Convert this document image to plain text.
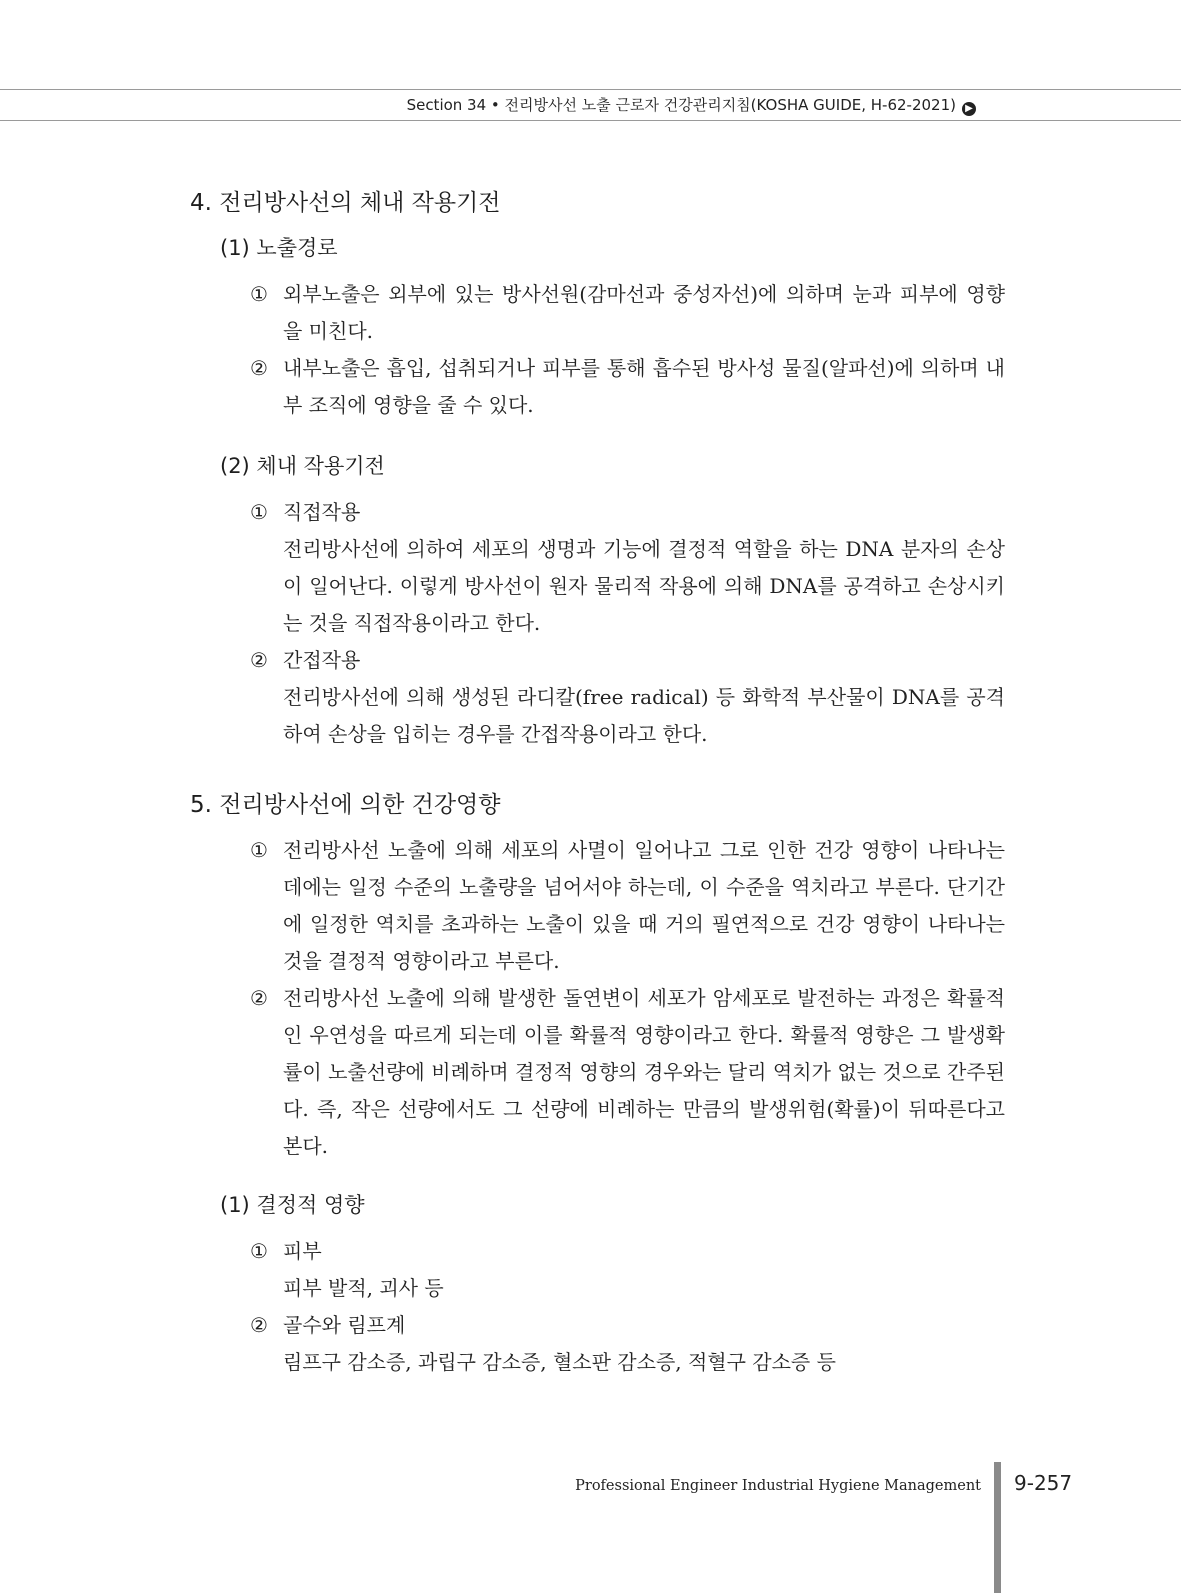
Section 34 • 전리방사선 노출 근로자 건강관리지침(KOSHA GUIDE, H-62-2021) ▶
4. 전리방사선의 체내 작용기전
(1) 노출경로
① 외부노출은 외부에 있는 방사선원(감마선과 중성자선)에 의하며 눈과 피부에 영향을 미친다.
② 내부노출은 흡입, 섭취되거나 피부를 통해 흡수된 방사성 물질(알파선)에 의하며 내부 조직에 영향을 줄 수 있다.
(2) 체내 작용기전
① 직접작용
전리방사선에 의하여 세포의 생명과 기능에 결정적 역할을 하는 DNA 분자의 손상이 일어난다. 이렇게 방사선이 원자 물리적 작용에 의해 DNA를 공격하고 손상시키는 것을 직접작용이라고 한다.
② 간접작용
전리방사선에 의해 생성된 라디칼(free radical) 등 화학적 부산물이 DNA를 공격하여 손상을 입히는 경우를 간접작용이라고 한다.
5. 전리방사선에 의한 건강영향
① 전리방사선 노출에 의해 세포의 사멸이 일어나고 그로 인한 건강 영향이 나타나는 데에는 일정 수준의 노출량을 넘어서야 하는데, 이 수준을 역치라고 부른다. 단기간에 일정한 역치를 초과하는 노출이 있을 때 거의 필연적으로 건강 영향이 나타나는 것을 결정적 영향이라고 부른다.
② 전리방사선 노출에 의해 발생한 돌연변이 세포가 암세포로 발전하는 과정은 확률적인 우연성을 따르게 되는데 이를 확률적 영향이라고 한다. 확률적 영향은 그 발생확률이 노출선량에 비례하며 결정적 영향의 경우와는 달리 역치가 없는 것으로 간주된다. 즉, 작은 선량에서도 그 선량에 비례하는 만큼의 발생위험(확률)이 뒤따른다고 본다.
(1) 결정적 영향
① 피부
피부 발적, 괴사 등
② 골수와 림프계
림프구 감소증, 과립구 감소증, 혈소판 감소증, 적혈구 감소증 등
Professional Engineer Industrial Hygiene Management 9-257
